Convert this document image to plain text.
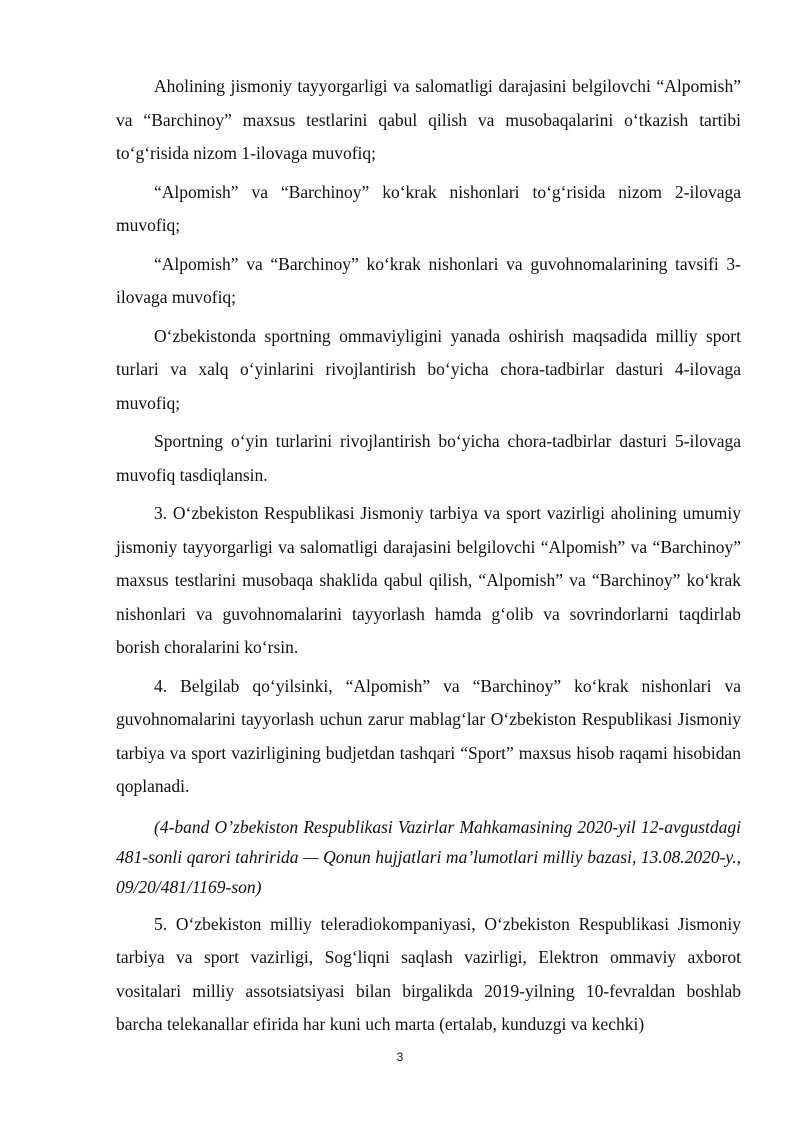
Aholining jismoniy tayyorgarligi va salomatligi darajasini belgilovchi “Alpomish” va “Barchinoy” maxsus testlarini qabul qilish va musobaqalarini o‘tkazish tartibi to‘g‘risida nizom 1-ilovaga muvofiq;

“Alpomish” va “Barchinoy” ko‘krak nishonlari to‘g‘risida nizom 2-ilovaga muvofiq;

“Alpomish” va “Barchinoy” ko‘krak nishonlari va guvohnomalarining tavsifi 3-ilovaga muvofiq;

O‘zbekistonda sportning ommaviyligini yanada oshirish maqsadida milliy sport turlari va xalq o‘yinlarini rivojlantirish bo‘yicha chora-tadbirlar dasturi 4-ilovaga muvofiq;

Sportning o‘yin turlarini rivojlantirish bo‘yicha chora-tadbirlar dasturi 5-ilovaga muvofiq tasdiqlansin.

3. O‘zbekiston Respublikasi Jismoniy tarbiya va sport vazirligi aholining umumiy jismoniy tayyorgarligi va salomatligi darajasini belgilovchi “Alpomish” va “Barchinoy” maxsus testlarini musobaqa shaklida qabul qilish, “Alpomish” va “Barchinoy” ko‘krak nishonlari va guvohnomalarini tayyorlash hamda g‘olib va sovrindorlarni taqdirlab borish choralarini ko‘rsin.

4. Belgilab qo‘yilsinki, “Alpomish” va “Barchinoy” ko‘krak nishonlari va guvohnomalarini tayyorlash uchun zarur mablag‘lar O‘zbekiston Respublikasi Jismoniy tarbiya va sport vazirligining budjetdan tashqari “Sport” maxsus hisob raqami hisobidan qoplanadi.

(4-band O’zbekiston Respublikasi Vazirlar Mahkamasining 2020-yil 12-avgustdagi 481-sonli qarori tahririda — Qonun hujjatlari ma’lumotlari milliy bazasi, 13.08.2020-y., 09/20/481/1169-son)

5. O‘zbekiston milliy teleradiokompaniyasi, O‘zbekiston Respublikasi Jismoniy tarbiya va sport vazirligi, Sog‘liqni saqlash vazirligi, Elektron ommaviy axborot vositalari milliy assotsiatsiyasi bilan birgalikda 2019-yilning 10-fevraldan boshlab barcha telekanallar efirida har kuni uch marta (ertalab, kunduzgi va kechki)

3
